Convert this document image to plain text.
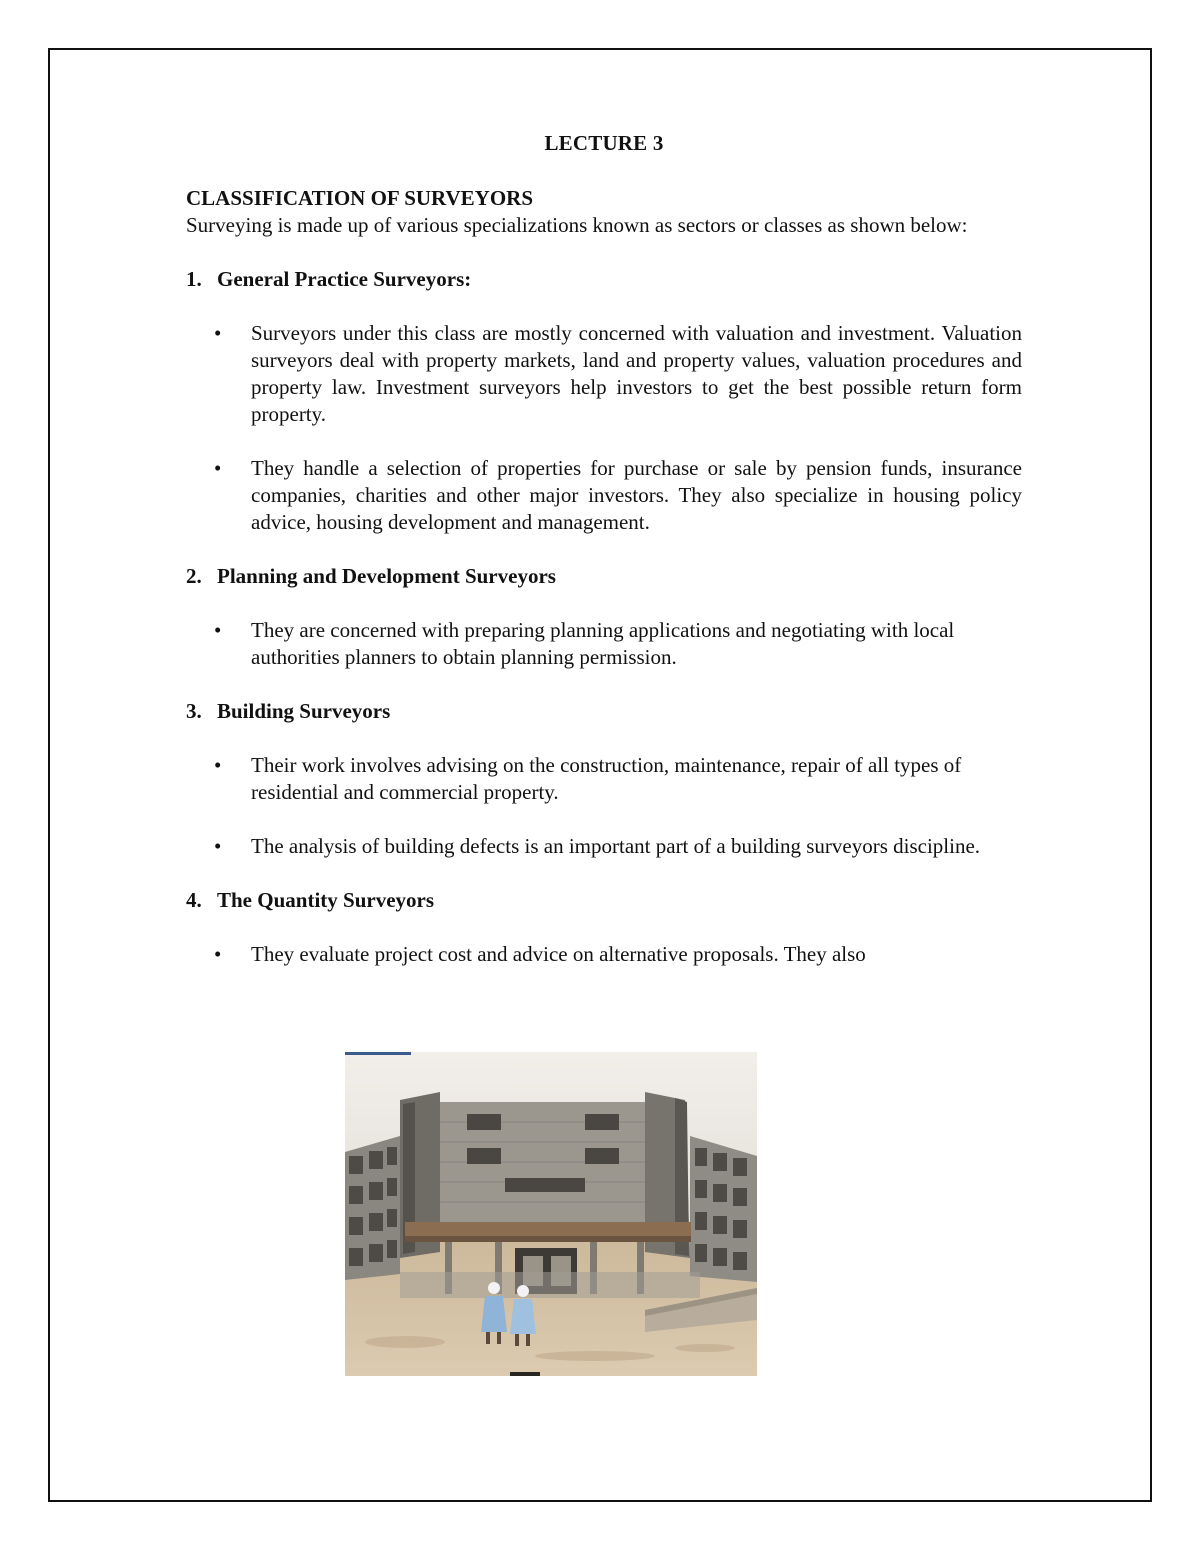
LECTURE 3
CLASSIFICATION OF SURVEYORS
Surveying is made up of various specializations known as sectors or classes as shown below:
1. General Practice Surveyors:
•	Surveyors under this class are mostly concerned with valuation and investment. Valuation surveyors deal with property markets, land and property values, valuation procedures and property law. Investment surveyors help investors to get the best possible return form property.
•	They handle a selection of properties for purchase or sale by pension funds, insurance companies, charities and other major investors. They also specialize in housing policy advice, housing development and management.
2. Planning and Development Surveyors
•	They are concerned with preparing planning applications and negotiating with local authorities planners to obtain planning permission.
3. Building Surveyors
•	Their work involves advising on the construction, maintenance, repair of all types of residential and commercial property.
•	The analysis of building defects is an important part of a building surveyors discipline.
4. The Quantity Surveyors
•	They evaluate project cost and advice on alternative proposals. They also
